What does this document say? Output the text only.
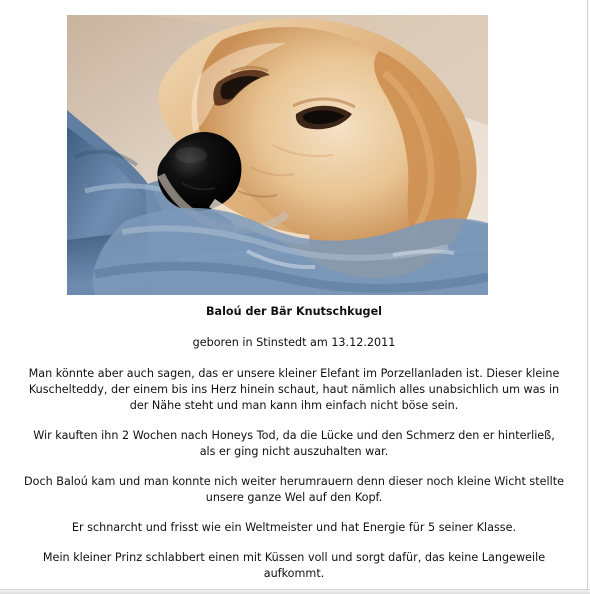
Baloú der Bär Knutschkugel

geboren in Stinstedt am 13.12.2011

Man könnte aber auch sagen, das er unsere kleiner Elefant im Porzellanladen ist. Dieser kleine Kuschelteddy, der einem bis ins Herz hinein schaut, haut nämlich alles unabsichlich um was in der Nähe steht und man kann ihm einfach nicht böse sein.

Wir kauften ihn 2 Wochen nach Honeys Tod, da die Lücke und den Schmerz den er hinterließ, als er ging nicht auszuhalten war.

Doch Baloú kam und man konnte nich weiter herumrauern denn dieser noch kleine Wicht stellte unsere ganze Wel auf den Kopf.

Er schnarcht und frisst wie ein Weltmeister und hat Energie für 5 seiner Klasse.

Mein kleiner Prinz schlabbert einen mit Küssen voll und sorgt dafür, das keine Langeweile aufkommt.
